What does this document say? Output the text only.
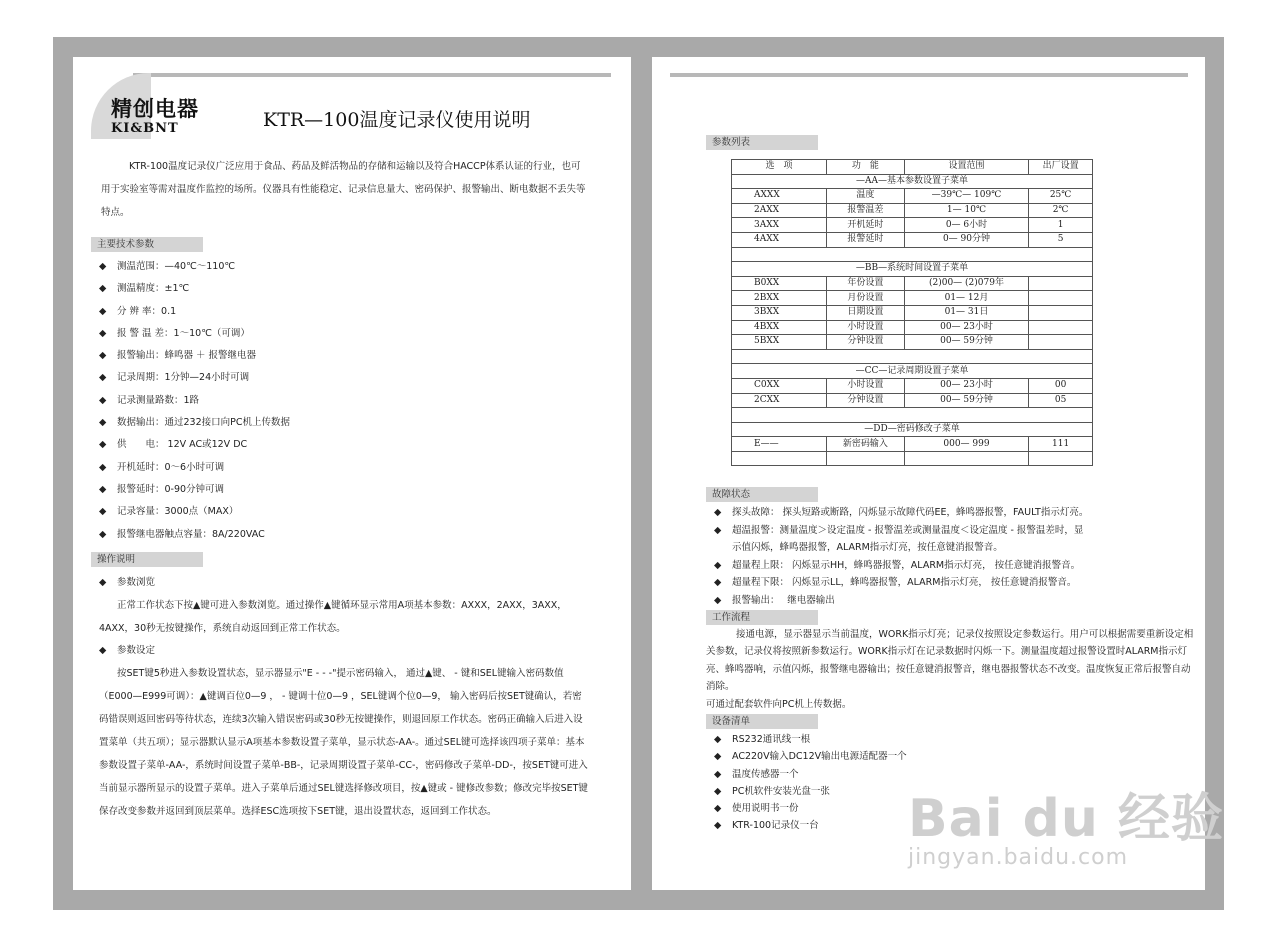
精创电器
KI&BNT	KTR—100温度记录仪使用说明

KTR-100温度记录仪广泛应用于食品、药品及鲜活物品的存储和运输以及符合HACCP体系认证的行业，也可用于实验室等需对温度作监控的场所。仪器具有性能稳定、记录信息量大、密码保护、报警输出、断电数据不丢失等特点。

主要技术参数
◆ 测温范围：—40℃～110℃
◆ 测温精度：±1℃
◆ 分 辨 率：0.1
◆ 报 警 温 差：1～10℃（可调）
◆ 报警输出：蜂鸣器 ＋ 报警继电器
◆ 记录周期：1分钟—24小时可调
◆ 记录测量路数：1路
◆ 数据输出：通过232接口向PC机上传数据
◆ 供　　电： 12V AC或12V DC
◆ 开机延时：0～6小时可调
◆ 报警延时：0-90分钟可调
◆ 记录容量：3000点（MAX）
◆ 报警继电器触点容量：8A/220VAC
操作说明
◆ 参数浏览

正常工作状态下按▲键可进入参数浏览。通过操作▲键循环显示常用A项基本参数：AXXX，2AXX，3AXX，4AXX，30秒无按键操作，系统自动返回到正常工作状态。

◆ 参数设定

按SET键5秒进入参数设置状态，显示器显示"E - - -"提示密码输入， 通过▲键、 - 键和SEL键输入密码数值（E000—E999可调）：▲键调百位0—9 ， - 键调十位0—9 ，SEL键调个位0—9， 输入密码后按SET键确认，若密码错误则返回密码等待状态，连续3次输入错误密码或30秒无按键操作，则退回原工作状态。密码正确输入后进入设置菜单（共五项）；显示器默认显示A项基本参数设置子菜单，显示状态-AA-。通过SEL键可选择该四项子菜单：基本参数设置子菜单-AA-，系统时间设置子菜单-BB-，记录周期设置子菜单-CC-，密码修改子菜单-DD-，按SET键可进入当前显示器所显示的设置子菜单。进入子菜单后通过SEL键选择修改项目，按▲键或 - 键修改参数；修改完毕按SET键保存改变参数并返回到顶层菜单。选择ESC选项按下SET键，退出设置状态，返回到工作状态。

参数列表
选　项	功　能	设置范围	出厂设置
—AA—基本参数设置子菜单			
AXXX	温度	—39℃— 109℃	25℃
2AXX	报警温差	1— 10℃	2℃
3AXX	开机延时	0— 6小时	1
4AXX	报警延时	0— 90分钟	5

—BB—系统时间设置子菜单			
B0XX	年份设置	(2)00— (2)079年	
2BXX	月份设置	01— 12月	
3BXX	日期设置	01— 31日	
4BXX	小时设置	00— 23小时	
5BXX	分钟设置	00— 59分钟	

—CC—记录周期设置子菜单			
C0XX	小时设置	00— 23小时	00
2CXX	分钟设置	00— 59分钟	05

—DD—密码修改子菜单			
E——	新密码输入	000— 999	111

故障状态
◆ 探头故障： 探头短路或断路，闪烁显示故障代码EE，蜂鸣器报警，FAULT指示灯亮。
◆ 超温报警：测量温度＞设定温度 - 报警温差或测量温度＜设定温度 - 报警温差时，显
示值闪烁，蜂鸣器报警，ALARM指示灯亮，按任意键消报警音。
◆ 超量程上限： 闪烁显示HH，蜂鸣器报警，ALARM指示灯亮， 按任意键消报警音。
◆ 超量程下限： 闪烁显示LL，蜂鸣器报警，ALARM指示灯亮， 按任意键消报警音。
◆ 报警输出：　 继电器输出
工作流程

接通电源，显示器显示当前温度，WORK指示灯亮；记录仪按照设定参数运行。用户可以根据需要重新设定相关参数，记录仪将按照新参数运行。WORK指示灯在记录数据时闪烁一下。测量温度超过报警设置时ALARM指示灯亮、蜂鸣器响，示值闪烁，报警继电器输出；按任意键消报警音，继电器报警状态不改变。温度恢复正常后报警自动消除。

可通过配套软件向PC机上传数据。

设备清单
◆ RS232通讯线一根
◆ AC220V输入DC12V输出电源适配器一个
◆ 温度传感器一个
◆ PC机软件安装光盘一张
◆ 使用说明书一份
◆ KTR-100记录仪一台	Bai du 经验
jingyan.baidu.com
